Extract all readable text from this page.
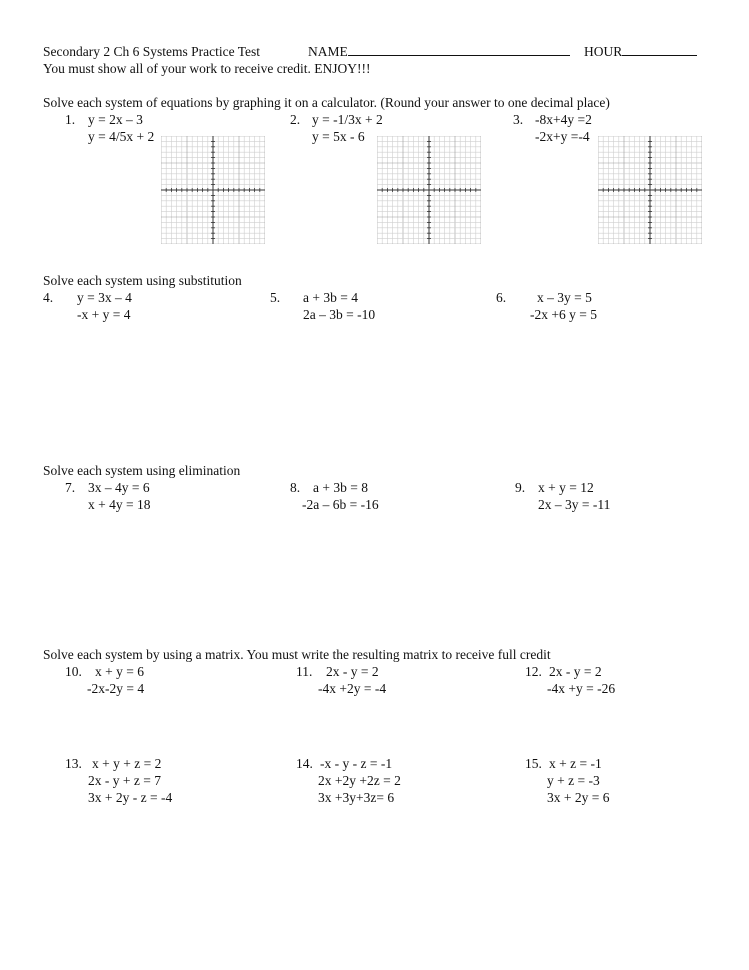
Secondary 2 Ch 6 Systems Practice Test	NAME	HOUR
You must show all of your work to receive credit. ENJOY!!!
Solve each system of equations by graphing it on a calculator. (Round your answer to one decimal place)
1. y = 2x – 3
y = 4/5x + 2
2. y = -1/3x + 2
y = 5x - 6
3. -8x+4y =2
-2x+y =-4
Solve each system using substitution
4. y = 3x – 4
-x + y = 4
5. a + 3b = 4
2a – 3b = -10
6. x – 3y = 5
-2x +6 y = 5
Solve each system using elimination
7. 3x – 4y = 6
x + 4y = 18
8. a + 3b = 8
-2a – 6b = -16
9. x + y = 12
2x – 3y = -11
Solve each system by using a matrix. You must write the resulting matrix to receive full credit
10. x + y = 6
-2x-2y = 4
11. 2x - y = 2
-4x +2y = -4
12. 2x - y = 2
-4x +y = -26
13. x + y + z = 2
2x - y + z = 7
3x + 2y - z = -4
14. -x - y - z = -1
2x +2y +2z = 2
3x +3y+3z= 6
15. x + z = -1
y + z = -3
3x + 2y = 6
